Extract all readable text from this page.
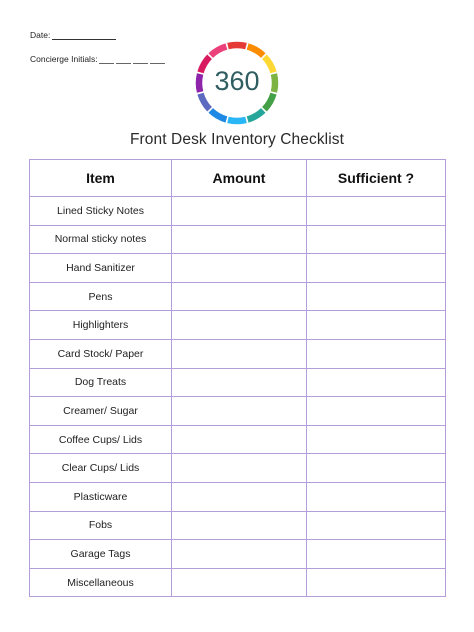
Date:
Concierge Initials:
360
Front Desk Inventory Checklist
Item	Amount	Sufficient ?
Lined Sticky Notes		
Normal sticky notes		
Hand Sanitizer		
Pens		
Highlighters		
Card Stock/ Paper		
Dog Treats		
Creamer/ Sugar		
Coffee Cups/ Lids		
Clear Cups/ Lids		
Plasticware		
Fobs		
Garage Tags		
Miscellaneous		
